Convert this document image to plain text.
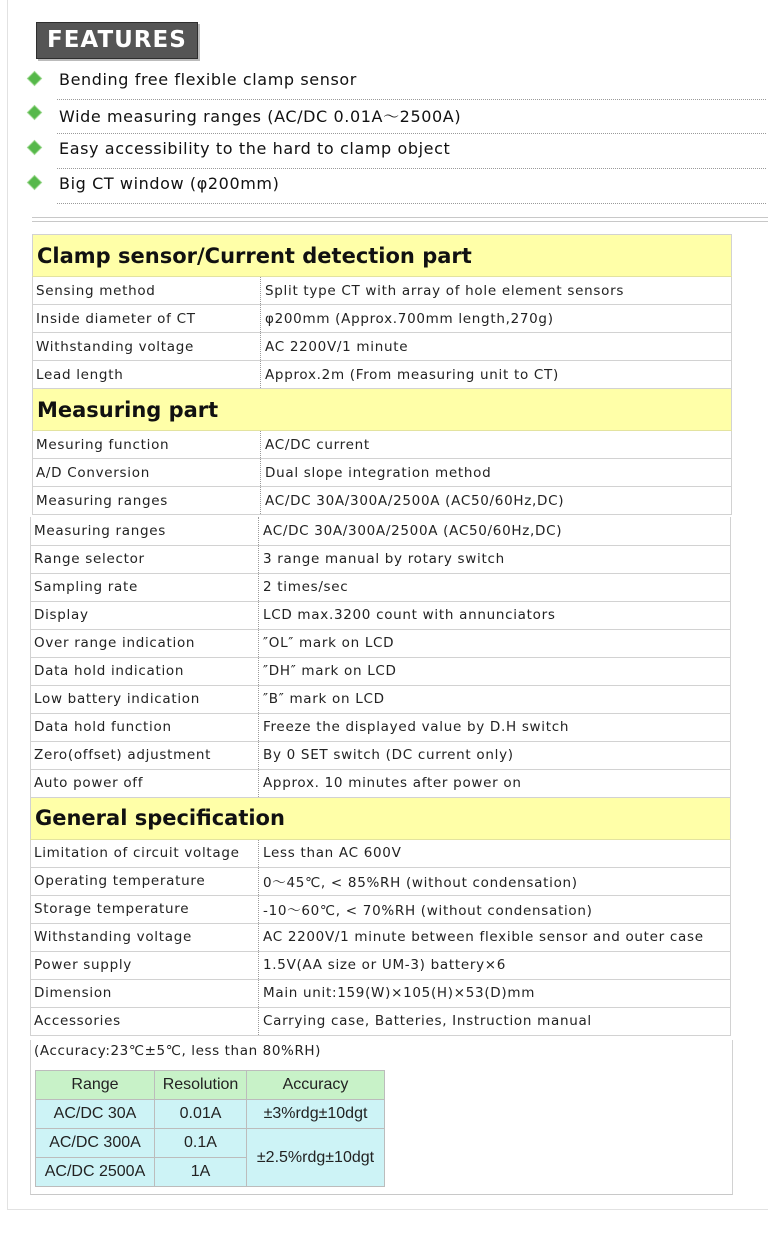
FEATURES
Bending free flexible clamp sensor
Wide measuring ranges (AC/DC 0.01A～2500A)
Easy accessibility to the hard to clamp object
Big CT window (φ200mm)
Clamp sensor/Current detection part	
Sensing method	Split type CT with array of hole element sensors
Inside diameter of CT	φ200mm (Approx.700mm length,270g)
Withstanding voltage	AC 2200V/1 minute
Lead length	Approx.2m (From measuring unit to CT)
Measuring part	
Mesuring function	AC/DC current
A/D Conversion	Dual slope integration method
Measuring ranges	AC/DC 30A/300A/2500A (AC50/60Hz,DC)
Measuring ranges	AC/DC 30A/300A/2500A (AC50/60Hz,DC)
Range selector	3 range manual by rotary switch
Sampling rate	2 times/sec
Display	LCD max.3200 count with annunciators
Over range indication	″OL″ mark on LCD
Data hold indication	″DH″ mark on LCD
Low battery indication	″B″ mark on LCD
Data hold function	Freeze the displayed value by D.H switch
Zero(offset) adjustment	By 0 SET switch (DC current only)
Auto power off	Approx. 10 minutes after power on
General specification	
Limitation of circuit voltage	Less than AC 600V
Operating temperature	0～45℃, < 85%RH (without condensation)
Storage temperature	-10～60℃, < 70%RH (without condensation)
Withstanding voltage	AC 2200V/1 minute between flexible sensor and outer case
Power supply	1.5V(AA size or UM-3) battery×6
Dimension	Main unit:159(W)×105(H)×53(D)mm
Accessories	Carrying case, Batteries, Instruction manual
(Accuracy:23℃±5℃, less than 80%RH)
Range	Resolution	Accuracy
AC/DC 30A	0.01A	±3%rdg±10dgt
AC/DC 300A	0.1A	±2.5%rdg±10dgt
AC/DC 2500A	1A	
